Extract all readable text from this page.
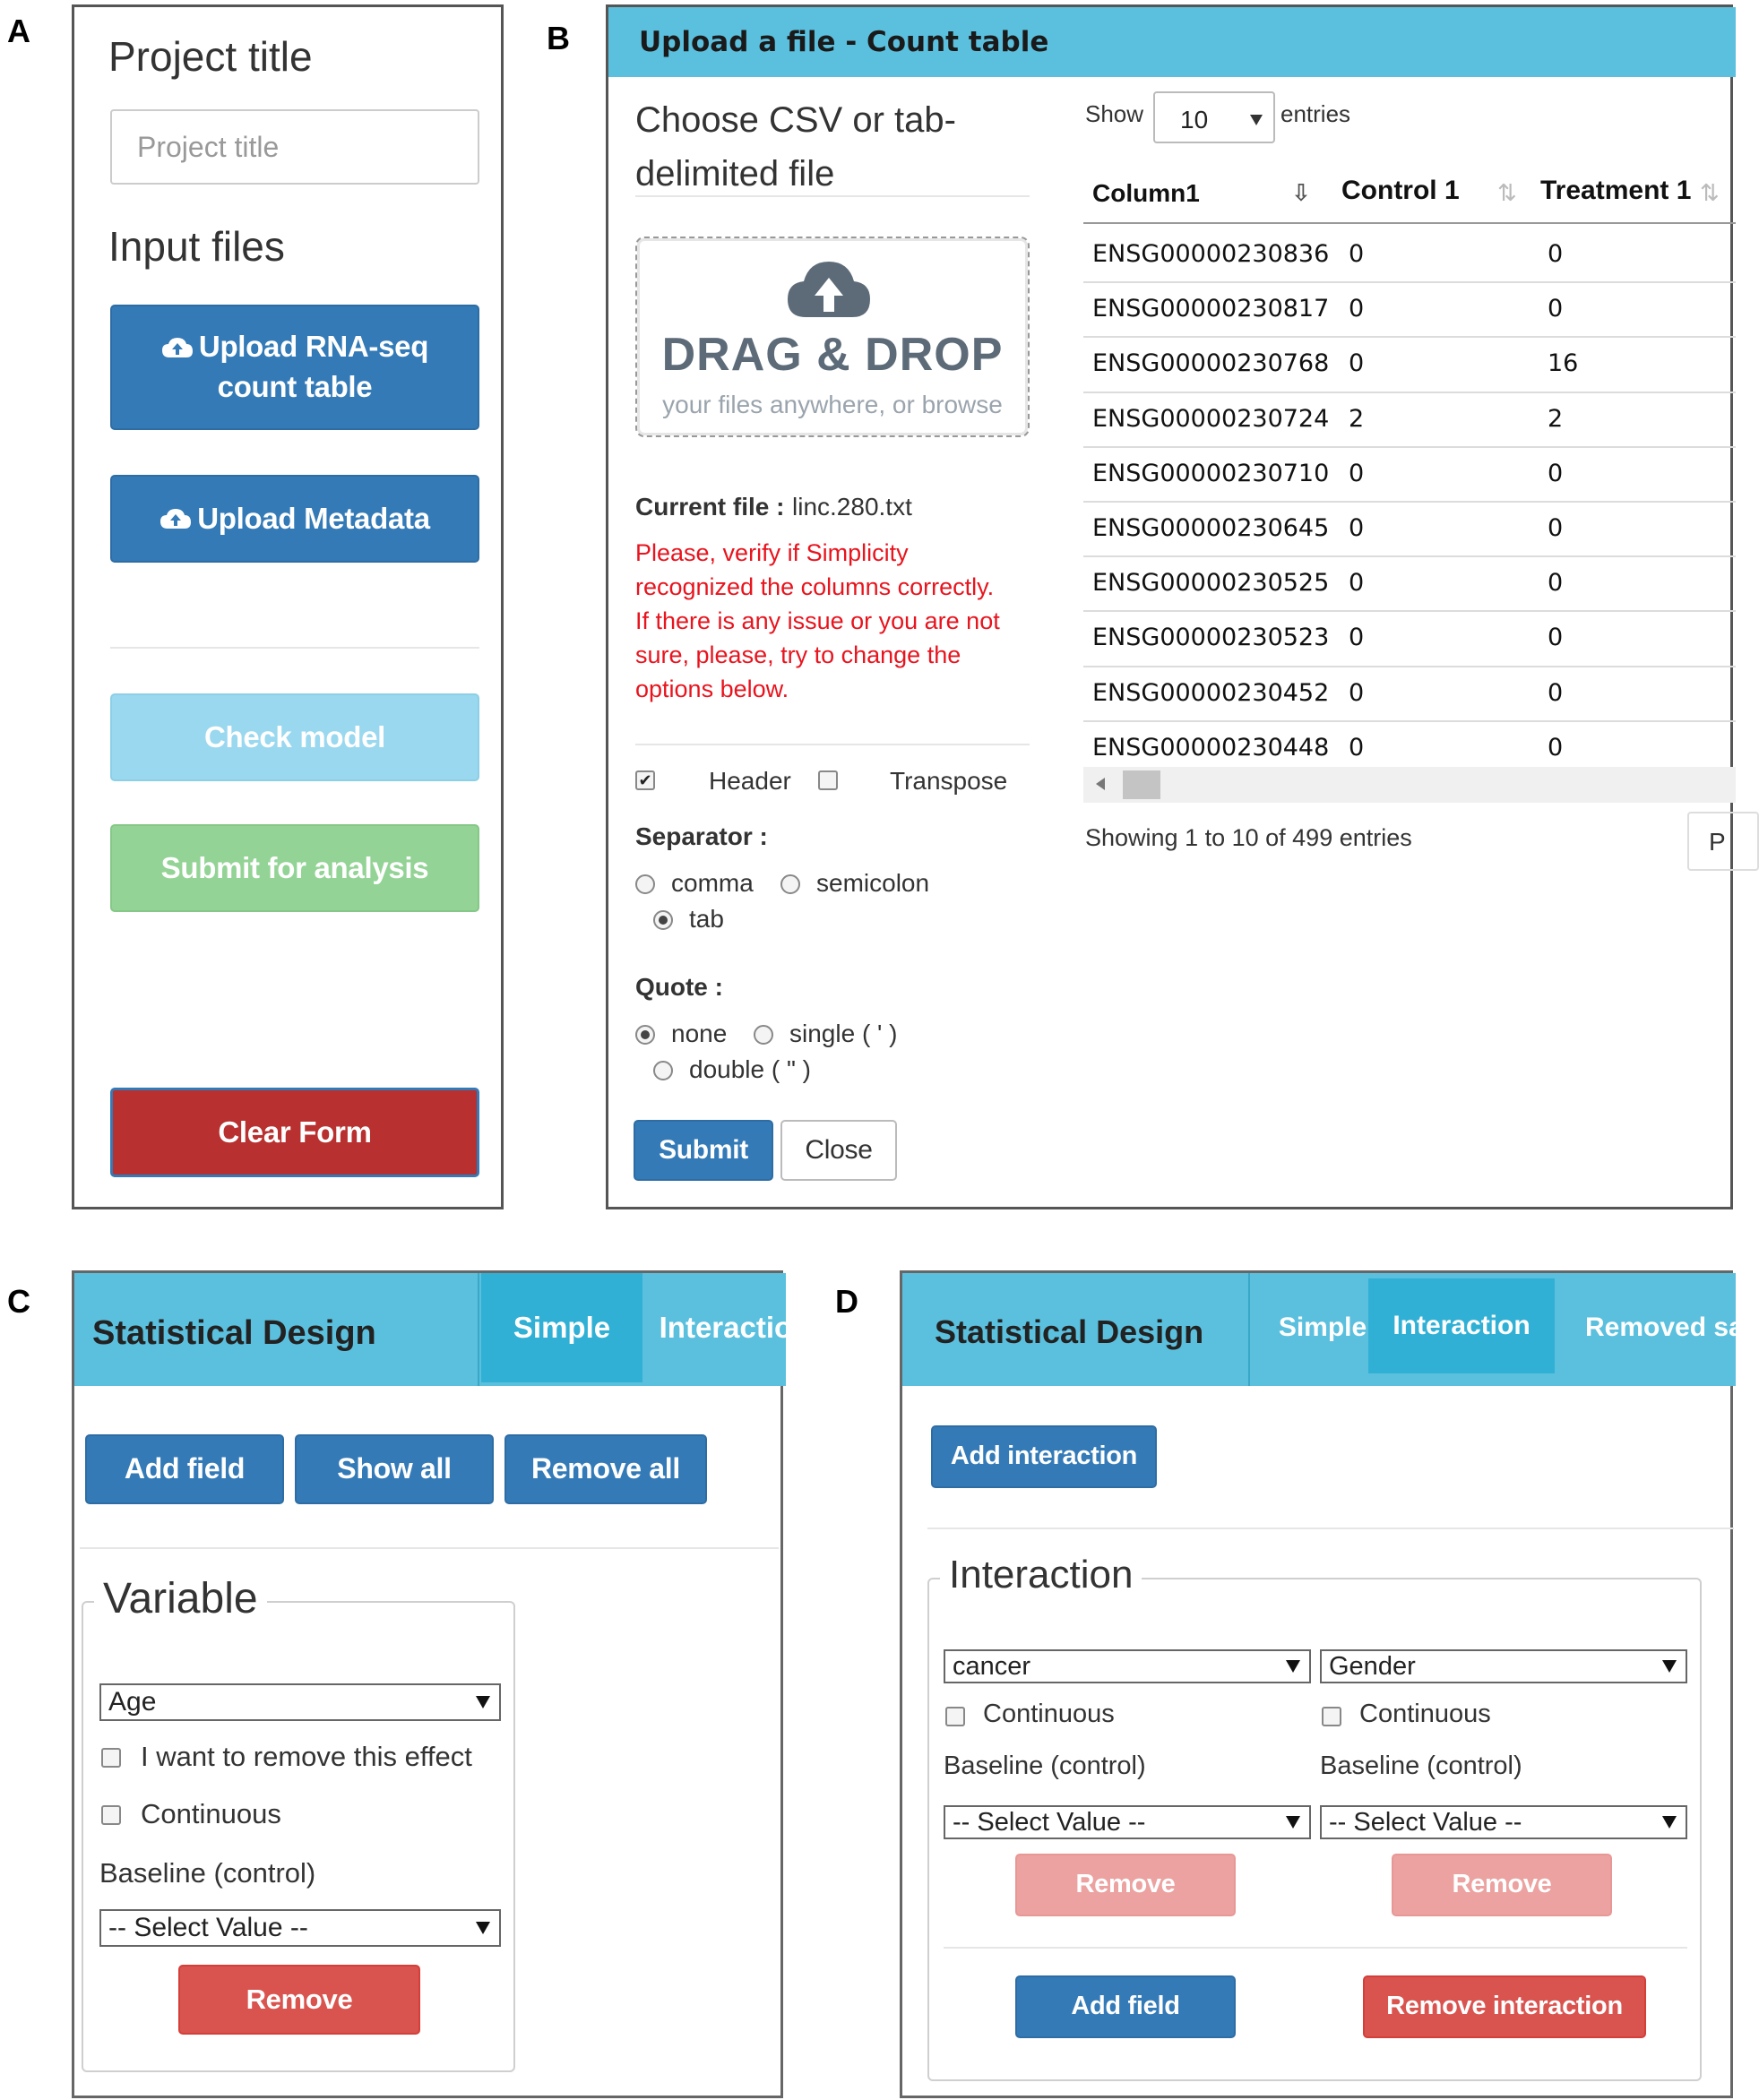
A	B
C	D
Project title
Project title
Input files
Upload RNA-seq
count table
Upload Metadata
Check model
Submit for analysis
Clear Form
Upload a file - Count table
Choose CSV or tab-
delimited file
DRAG & DROP
your files anywhere, or browse
Current file : linc.280.txt
Please, verify if Simplicity
recognized the columns correctly.
If there is any issue or you are not
sure, please, try to change the
options below.
✔ Header	Transpose
Separator :
comma	semicolon
tab
Quote :
none single ( ' )
double ( " )
Submit	Close
Show 10	entries
Column1	⇩ Control 1 ⇅ Treatment 1 ⇅
ENSG00000230836 0	0
ENSG00000230817 0	0
ENSG00000230768 0	16
ENSG00000230724 2	2
ENSG00000230710 0	0
ENSG00000230645 0	0
ENSG00000230525 0	0
ENSG00000230523 0	0
ENSG00000230452 0	0
ENSG00000230448 0	0
Showing 1 to 10 of 499 entries	P
Statistical Design	Simple	Interaction
Add field	Show all	Remove all
Variable
Age
I want to remove this effect
Continuous
Baseline (control)
-- Select Value --
Remove
Statistical Design	Simple Interaction	Removed sa
Add interaction
Interaction
cancer	Gender
Continuous	Continuous
Baseline (control)	Baseline (control)
-- Select Value --	-- Select Value --
Remove	Remove
Add field	Remove interaction
